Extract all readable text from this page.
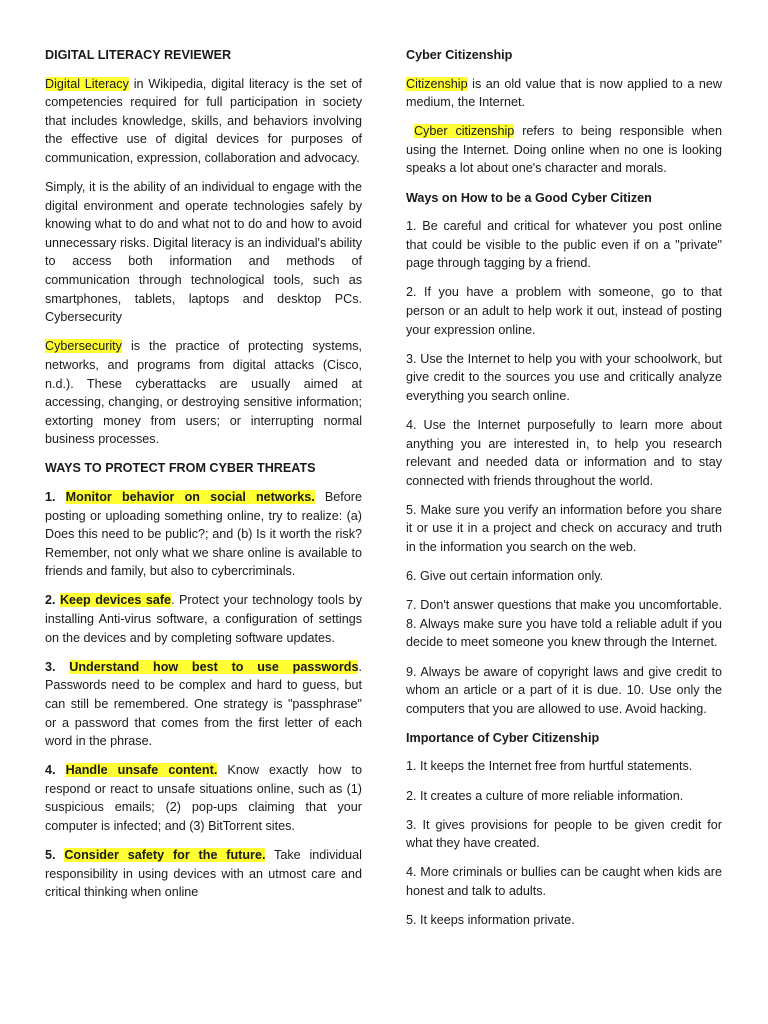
DIGITAL LITERACY REVIEWER

Digital Literacy in Wikipedia, digital literacy is the set of competencies required for full participation in society that includes knowledge, skills, and behaviors involving the effective use of digital devices for purposes of communication, expression, collaboration and advocacy.

Simply, it is the ability of an individual to engage with the digital environment and operate technologies safely by knowing what to do and what not to do and how to avoid unnecessary risks. Digital literacy is an individual's ability to access both information and methods of communication through technological tools, such as smartphones, tablets, laptops and desktop PCs. Cybersecurity

Cybersecurity is the practice of protecting systems, networks, and programs from digital attacks (Cisco, n.d.). These cyberattacks are usually aimed at accessing, changing, or destroying sensitive information; extorting money from users; or interrupting normal business processes.

WAYS TO PROTECT FROM CYBER THREATS

1. Monitor behavior on social networks. Before posting or uploading something online, try to realize: (a) Does this need to be public?; and (b) Is it worth the risk? Remember, not only what we share online is available to friends and family, but also to cybercriminals.

2. Keep devices safe. Protect your technology tools by installing Anti-virus software, a configuration of settings on the devices and by completing software updates.

3. Understand how best to use passwords. Passwords need to be complex and hard to guess, but can still be remembered. One strategy is "passphrase" or a password that comes from the first letter of each word in the phrase.

4. Handle unsafe content. Know exactly how to respond or react to unsafe situations online, such as (1) suspicious emails; (2) pop-ups claiming that your computer is infected; and (3) BitTorrent sites.

5. Consider safety for the future. Take individual responsibility in using devices with an utmost care and critical thinking when online

Cyber Citizenship

Citizenship is an old value that is now applied to a new medium, the Internet.

Cyber citizenship refers to being responsible when using the Internet. Doing online when no one is looking speaks a lot about one's character and morals.

Ways on How to be a Good Cyber Citizen

1. Be careful and critical for whatever you post online that could be visible to the public even if on a "private" page through tagging by a friend.

2. If you have a problem with someone, go to that person or an adult to help work it out, instead of posting your expression online.

3. Use the Internet to help you with your schoolwork, but give credit to the sources you use and critically analyze everything you search online.

4. Use the Internet purposefully to learn more about anything you are interested in, to help you research relevant and needed data or information and to stay connected with friends throughout the world.

5. Make sure you verify an information before you share it or use it in a project and check on accuracy and truth in the information you search on the web.

6. Give out certain information only.

7. Don't answer questions that make you uncomfortable. 8. Always make sure you have told a reliable adult if you decide to meet someone you knew through the Internet.

9. Always be aware of copyright laws and give credit to whom an article or a part of it is due. 10. Use only the computers that you are allowed to use. Avoid hacking.

Importance of Cyber Citizenship

1. It keeps the Internet free from hurtful statements.

2. It creates a culture of more reliable information.

3. It gives provisions for people to be given credit for what they have created.

4. More criminals or bullies can be caught when kids are honest and talk to adults.

5. It keeps information private.
